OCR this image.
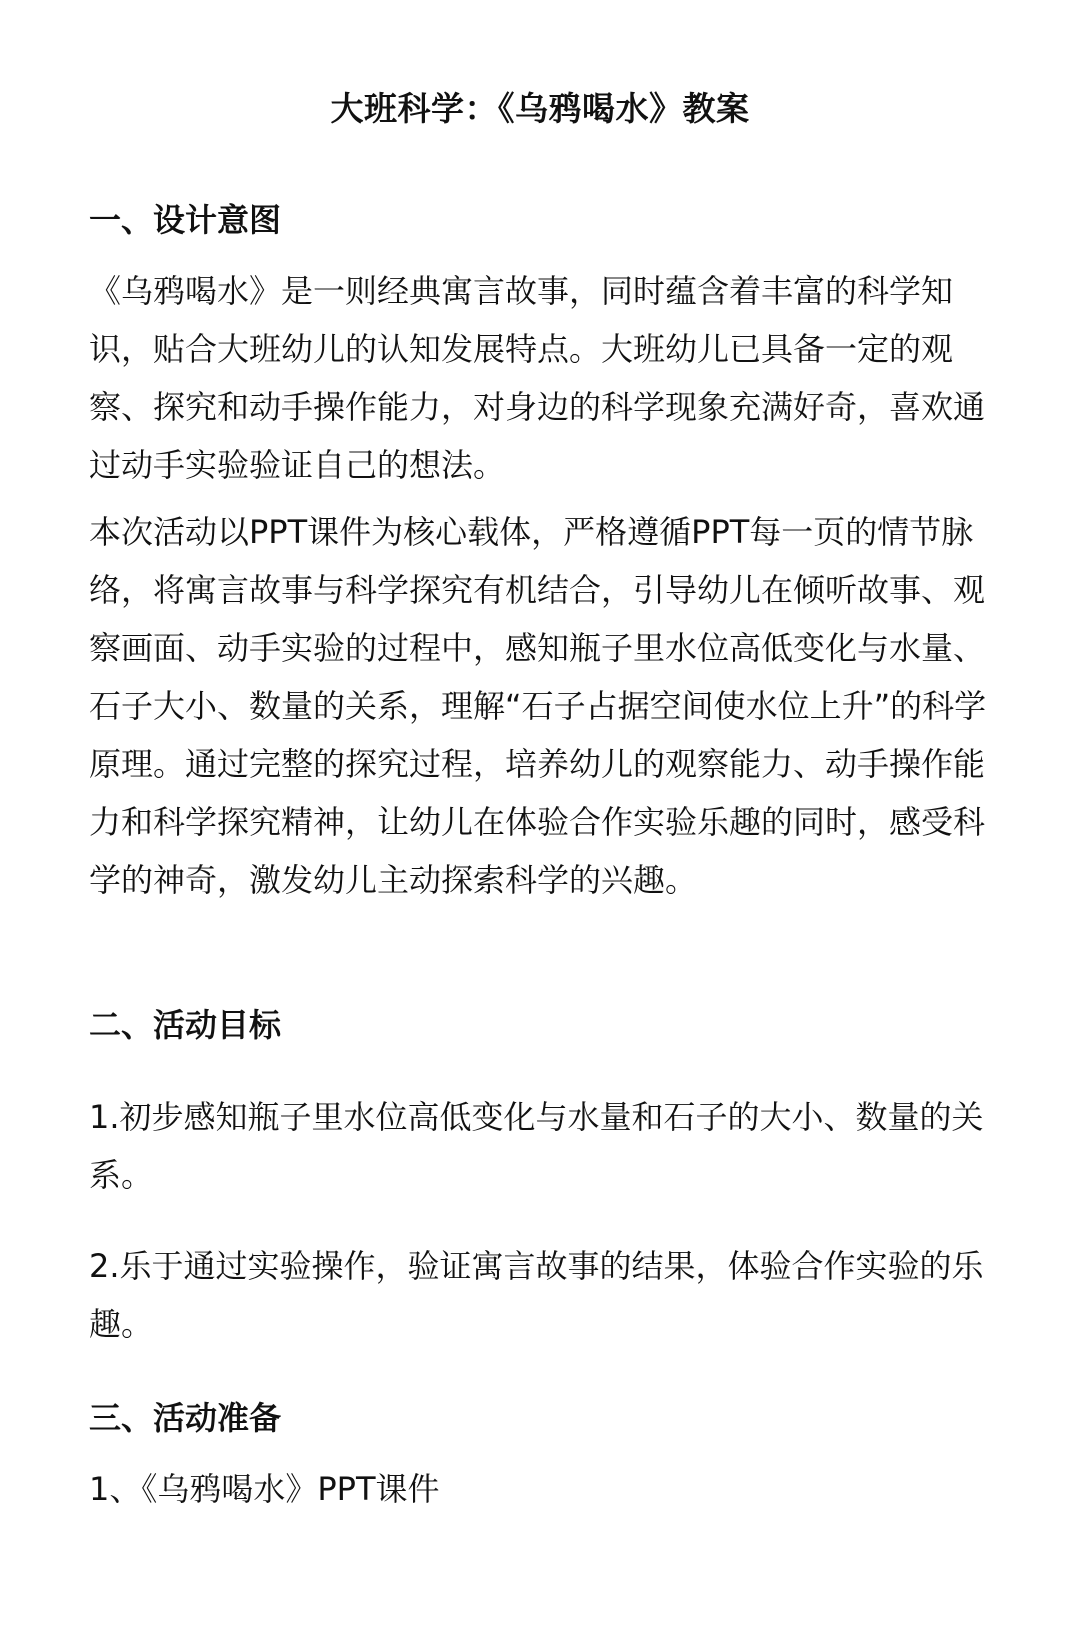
大班科学：《乌鸦喝水》教案
一、设计意图
《乌鸦喝水》是一则经典寓言故事，同时蕴含着丰富的科学知识，贴合大班幼儿的认知发展特点。大班幼儿已具备一定的观察、探究和动手操作能力，对身边的科学现象充满好奇，喜欢通过动手实验验证自己的想法。
本次活动以PPT课件为核心载体，严格遵循PPT每一页的情节脉络，将寓言故事与科学探究有机结合，引导幼儿在倾听故事、观察画面、动手实验的过程中，感知瓶子里水位高低变化与水量、石子大小、数量的关系，理解“石子占据空间使水位上升”的科学原理。通过完整的探究过程，培养幼儿的观察能力、动手操作能力和科学探究精神，让幼儿在体验合作实验乐趣的同时，感受科学的神奇，激发幼儿主动探索科学的兴趣。
二、活动目标
1.初步感知瓶子里水位高低变化与水量和石子的大小、数量的关系。
2.乐于通过实验操作，验证寓言故事的结果，体验合作实验的乐趣。
三、活动准备
1、《乌鸦喝水》PPT课件
